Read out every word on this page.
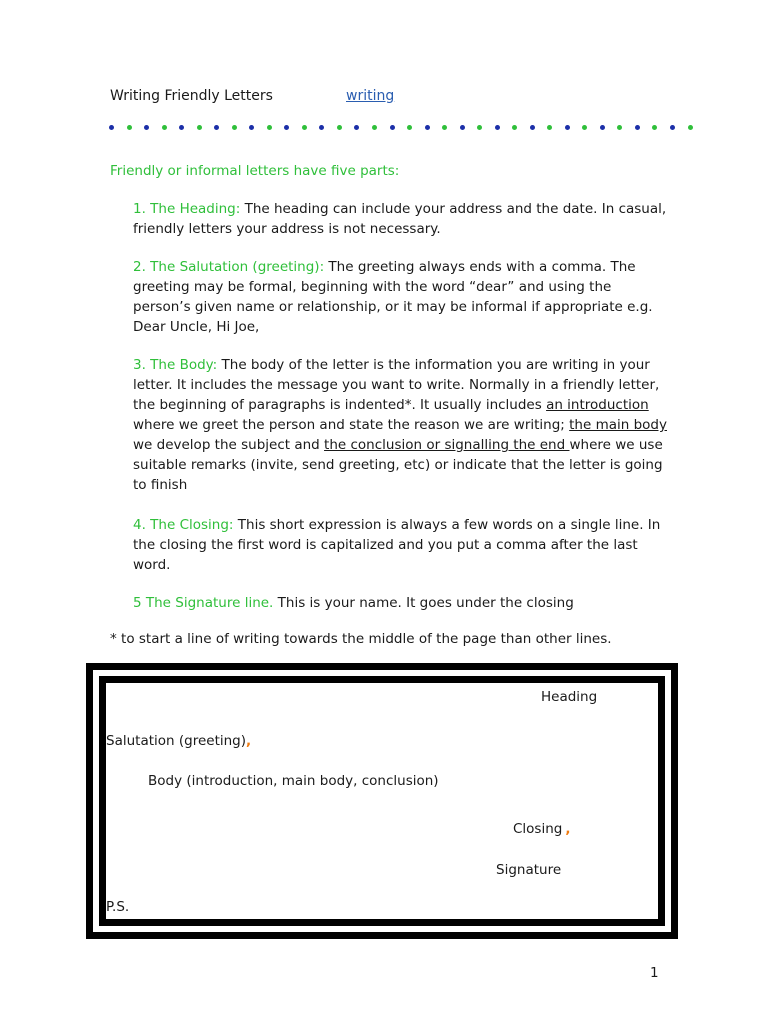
Writing Friendly Letters	writing
Friendly or informal letters have five parts:
1. The Heading: The heading can include your address and the date. In casual, friendly letters your address is not necessary.
2. The Salutation (greeting): The greeting always ends with a comma. The greeting may be formal, beginning with the word “dear” and using the person’s given name or relationship, or it may be informal if appropriate e.g. Dear Uncle, Hi Joe,
3. The Body: The body of the letter is the information you are writing in your letter. It includes the message you want to write. Normally in a friendly letter, the beginning of paragraphs is indented*. It usually includes an introduction where we greet the person and state the reason we are writing; the main body we develop the subject and the conclusion or signalling the end where we use suitable remarks (invite, send greeting, etc) or indicate that the letter is going to finish
4. The Closing: This short expression is always a few words on a single line. In the closing the first word is capitalized and you put a comma after the last word.
5 The Signature line. This is your name. It goes under the closing
* to start a line of writing towards the middle of the page than other lines.
Heading
Salutation (greeting),
Body (introduction, main body, conclusion)
Closing ,
Signature
P.S.
1
